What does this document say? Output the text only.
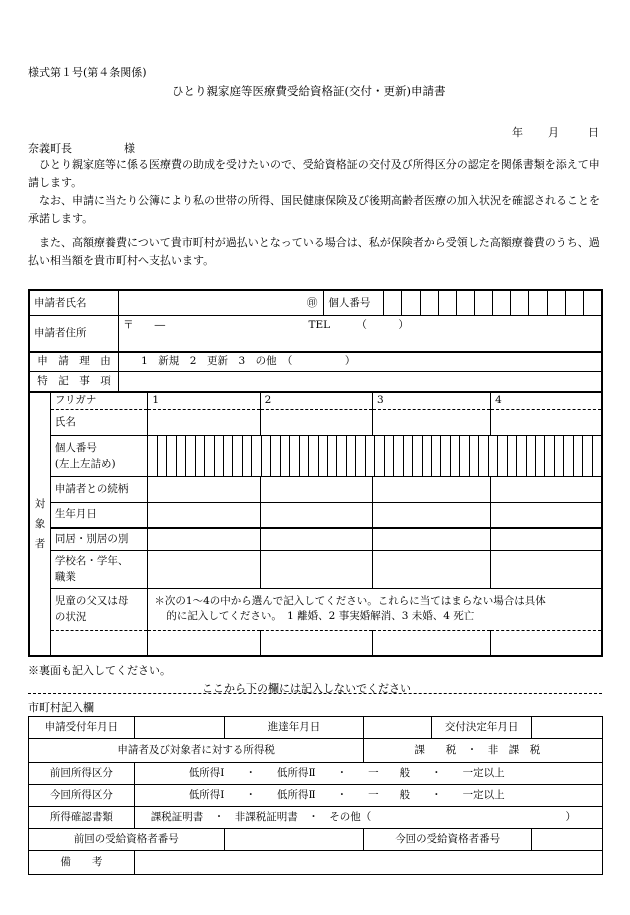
様式第１号(第４条関係)
ひとり親家庭等医療費受給資格証(交付・更新)申請書
年 月	日
奈義町長	様
ひとり親家庭等に係る医療費の助成を受けたいので、受給資格証の交付及び所得区分の認定を関係書類を添えて申請します。
なお、申請に当たり公簿により私の世帯の所得、国民健康保険及び後期高齢者医療の加入状況を確認されることを承諾します。
また、高額療養費について貴市町村が過払いとなっている場合は、私が保険者から受領した高額療養費のうち、過払い相当額を貴市町村へ支払います。
申請者氏名	㊞	個人番号	

申請者住所	〒　　― TEL　　　（　　　）		
申　請　理　由	1　新規　2　更新　3　の他　（　　　　　）		
特　記　事　項			
対象者	フリガナ	1	2	3	4
	氏名				

	個人番号
(左上左詰め)				

	申請者との続柄				
	生年月日				
	同居・別居の別				

	学校名・学年、
職業				

	児童の父又は母
の状況	＊次の1～4の中から選んで記入してください。これらに当てはまらない場合は具体
的に記入してください。　1 離婚、2 事実婚解消、3 未婚、4 死亡			

※裏面も記入してください。
ここから下の欄には記入しないでください
市町村記入欄
申請受付年月日		進達年月日		交付決定年月日	
申請者及び対象者に対する所得税			課　　税　・　非　課　税		
前回所得区分	低所得Ⅰ　　・　　低所得Ⅱ　　・　　一　　般　　・　　一定以上				
今回所得区分	低所得Ⅰ　　・　　低所得Ⅱ　　・　　一　　般　　・　　一定以上				
所得確認書類	課税証明書　・　非課税証明書　・　その他（ ）				

前回の受給資格者番号			今回の受給資格者番号		
備　　考					
